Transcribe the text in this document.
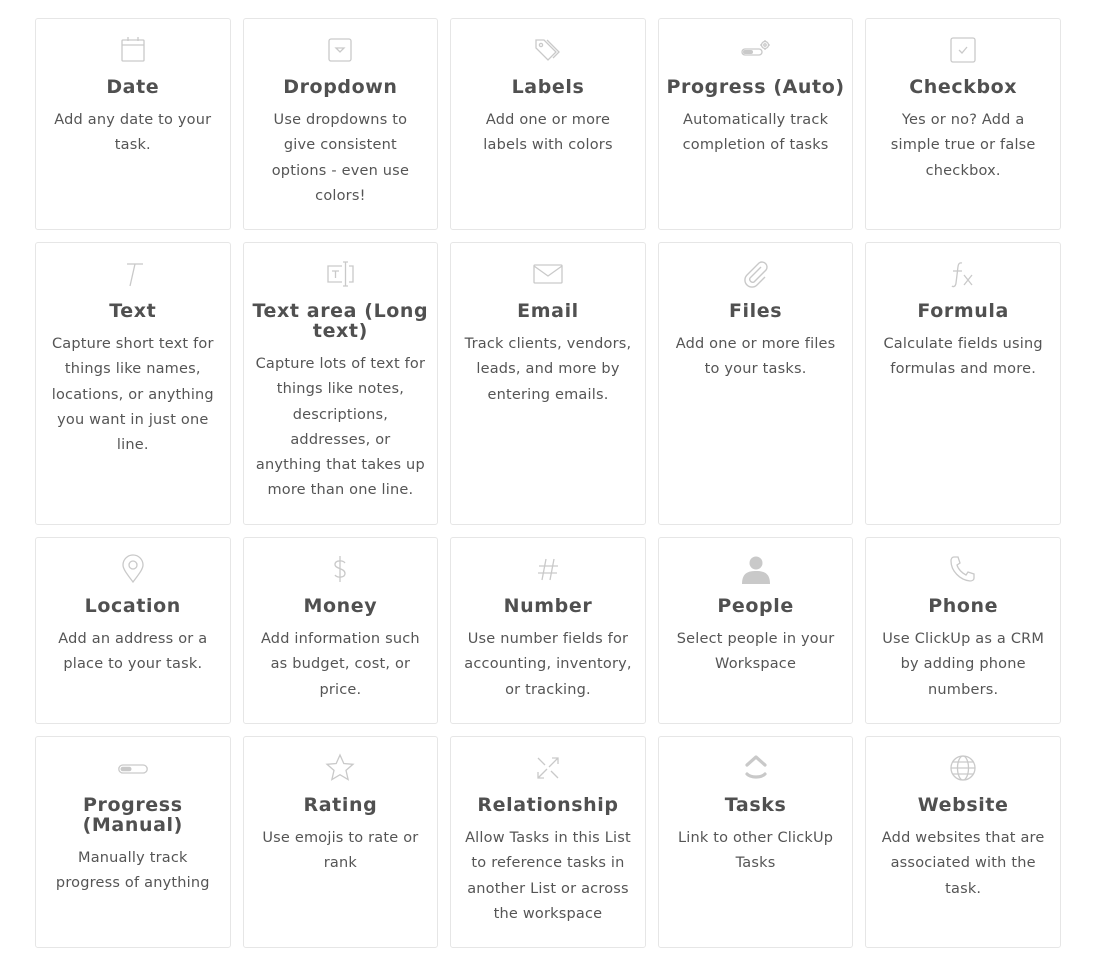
Date
Add any date to your task.
Dropdown
Use dropdowns to give consistent options - even use colors!
Labels
Add one or more labels with colors
Progress (Auto)
Automatically track completion of tasks
Checkbox
Yes or no? Add a simple true or false checkbox.
Text
Capture short text for things like names, locations, or anything you want in just one line.
Text area (Long text)
Capture lots of text for things like notes, descriptions, addresses, or anything that takes up more than one line.
Email
Track clients, vendors, leads, and more by entering emails.
Files
Add one or more files to your tasks.
Formula
Calculate fields using formulas and more.
Location
Add an address or a place to your task.
Money
Add information such as budget, cost, or price.
Number
Use number fields for accounting, inventory, or tracking.
People
Select people in your Workspace
Phone
Use ClickUp as a CRM by adding phone numbers.
Progress (Manual)
Manually track progress of anything
Rating
Use emojis to rate or rank
Relationship
Allow Tasks in this List to reference tasks in another List or across the workspace
Tasks
Link to other ClickUp Tasks
Website
Add websites that are associated with the task.
